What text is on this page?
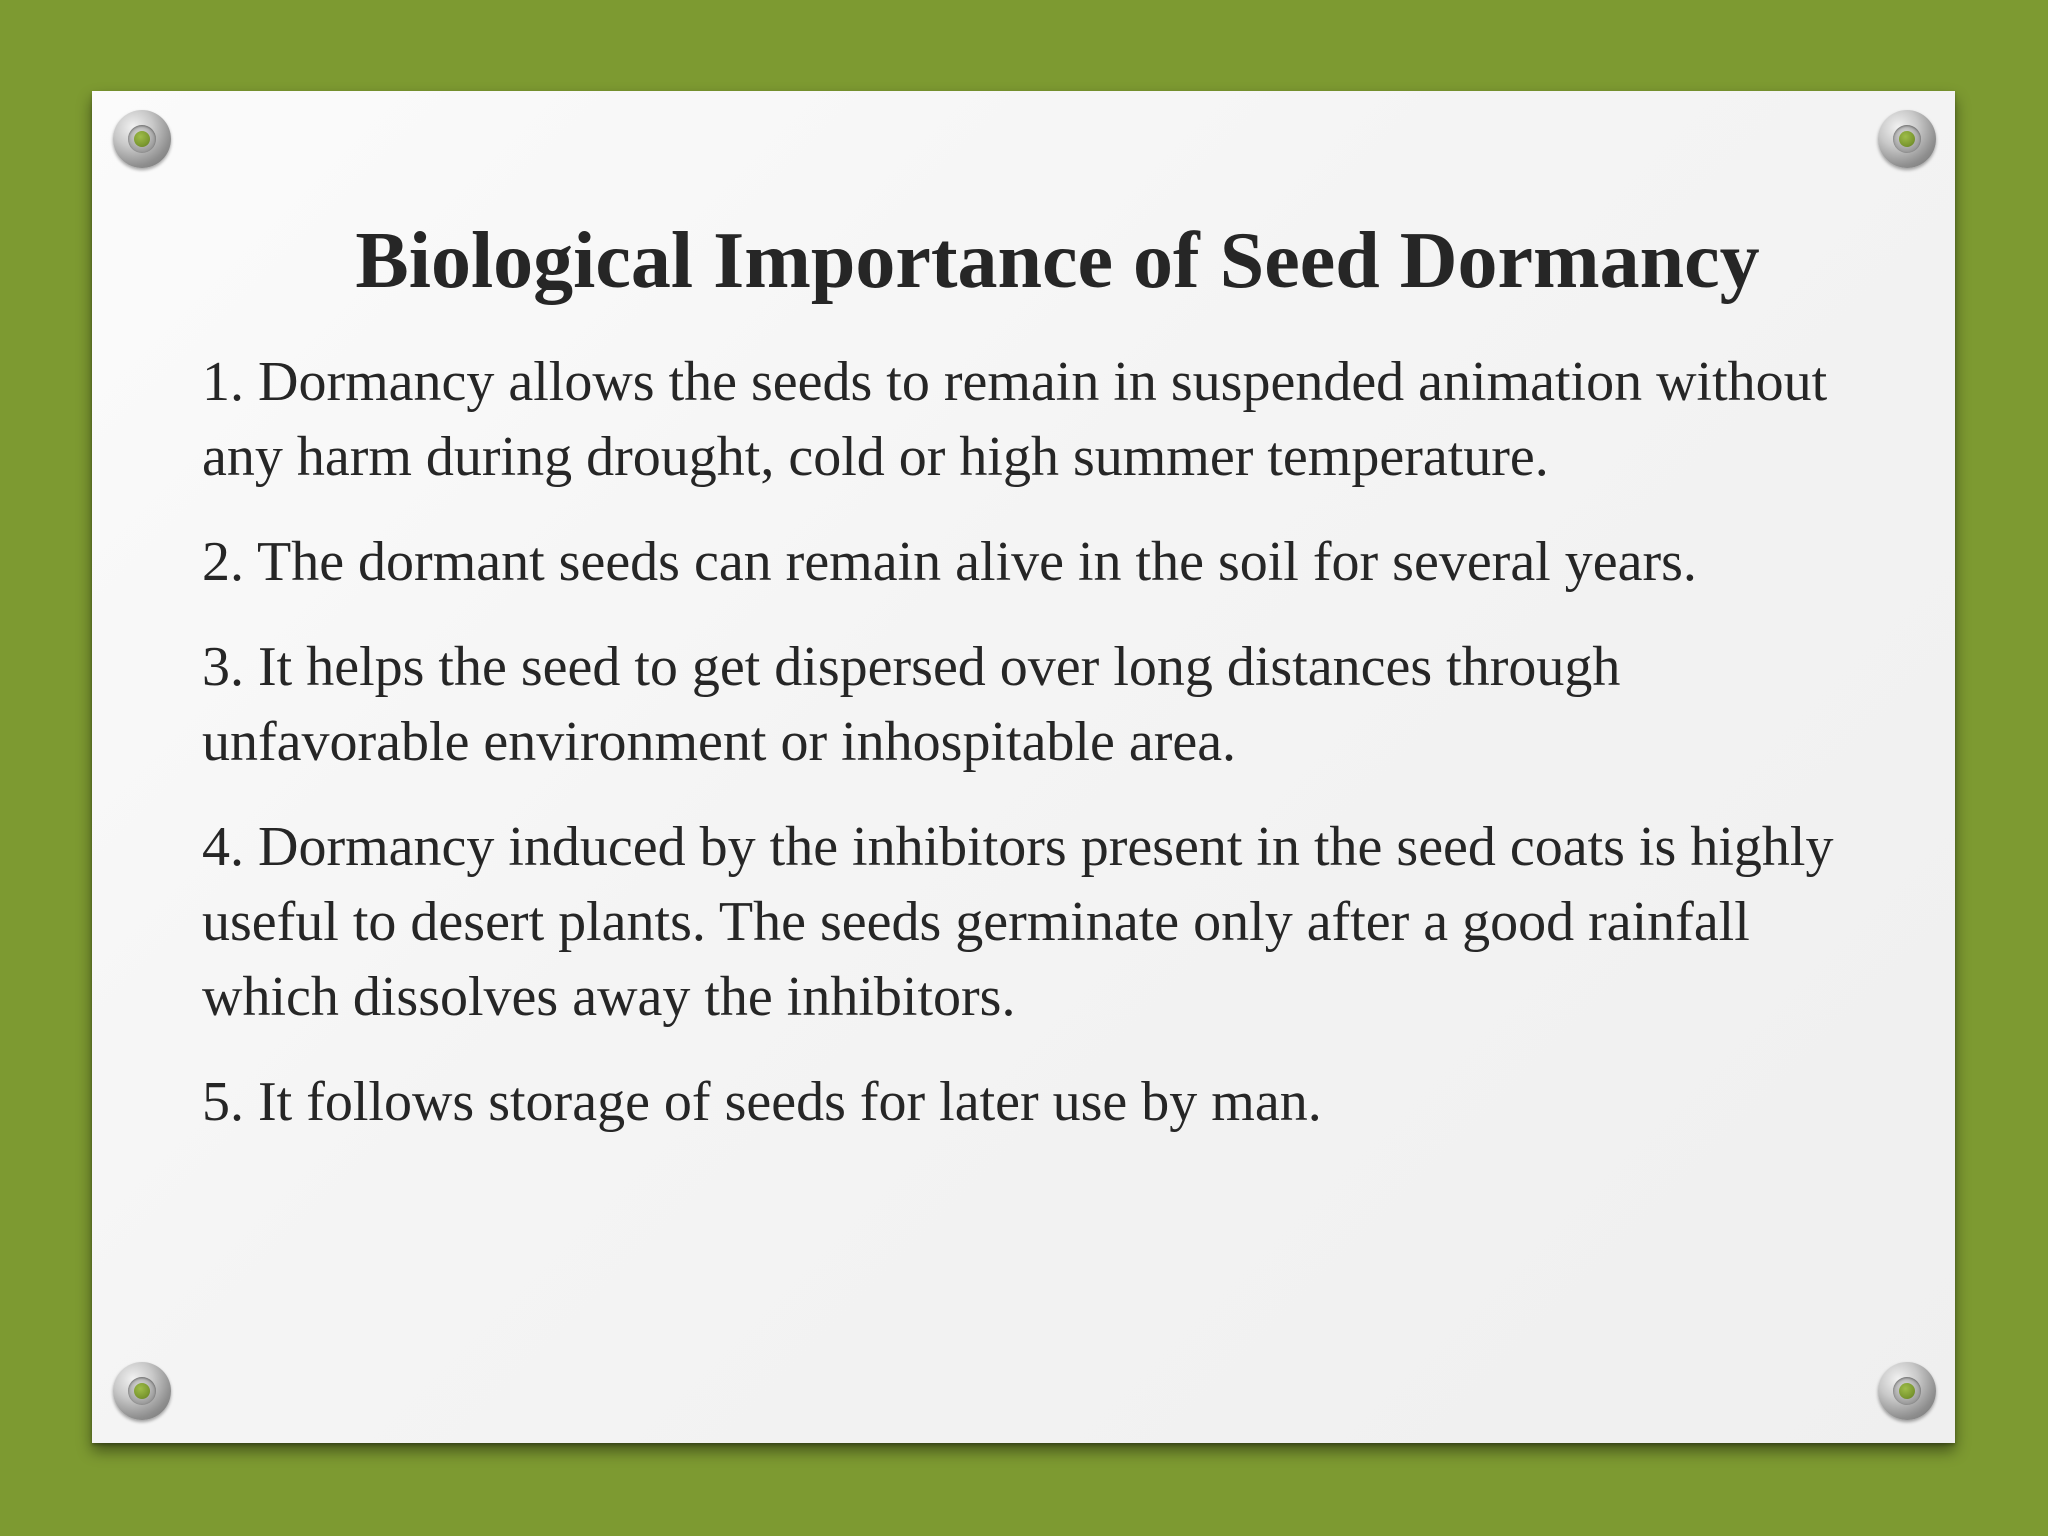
Biological Importance of Seed Dormancy
1. Dormancy allows the seeds to remain in suspended animation without any harm during drought, cold or high summer temperature.
2. The dormant seeds can remain alive in the soil for several years.
3. It helps the seed to get dispersed over long distances through unfavorable environment or inhospitable area.
4. Dormancy induced by the inhibitors present in the seed coats is highly useful to desert plants. The seeds germinate only after a good rainfall which dissolves away the inhibitors.
5. It follows storage of seeds for later use by man.
